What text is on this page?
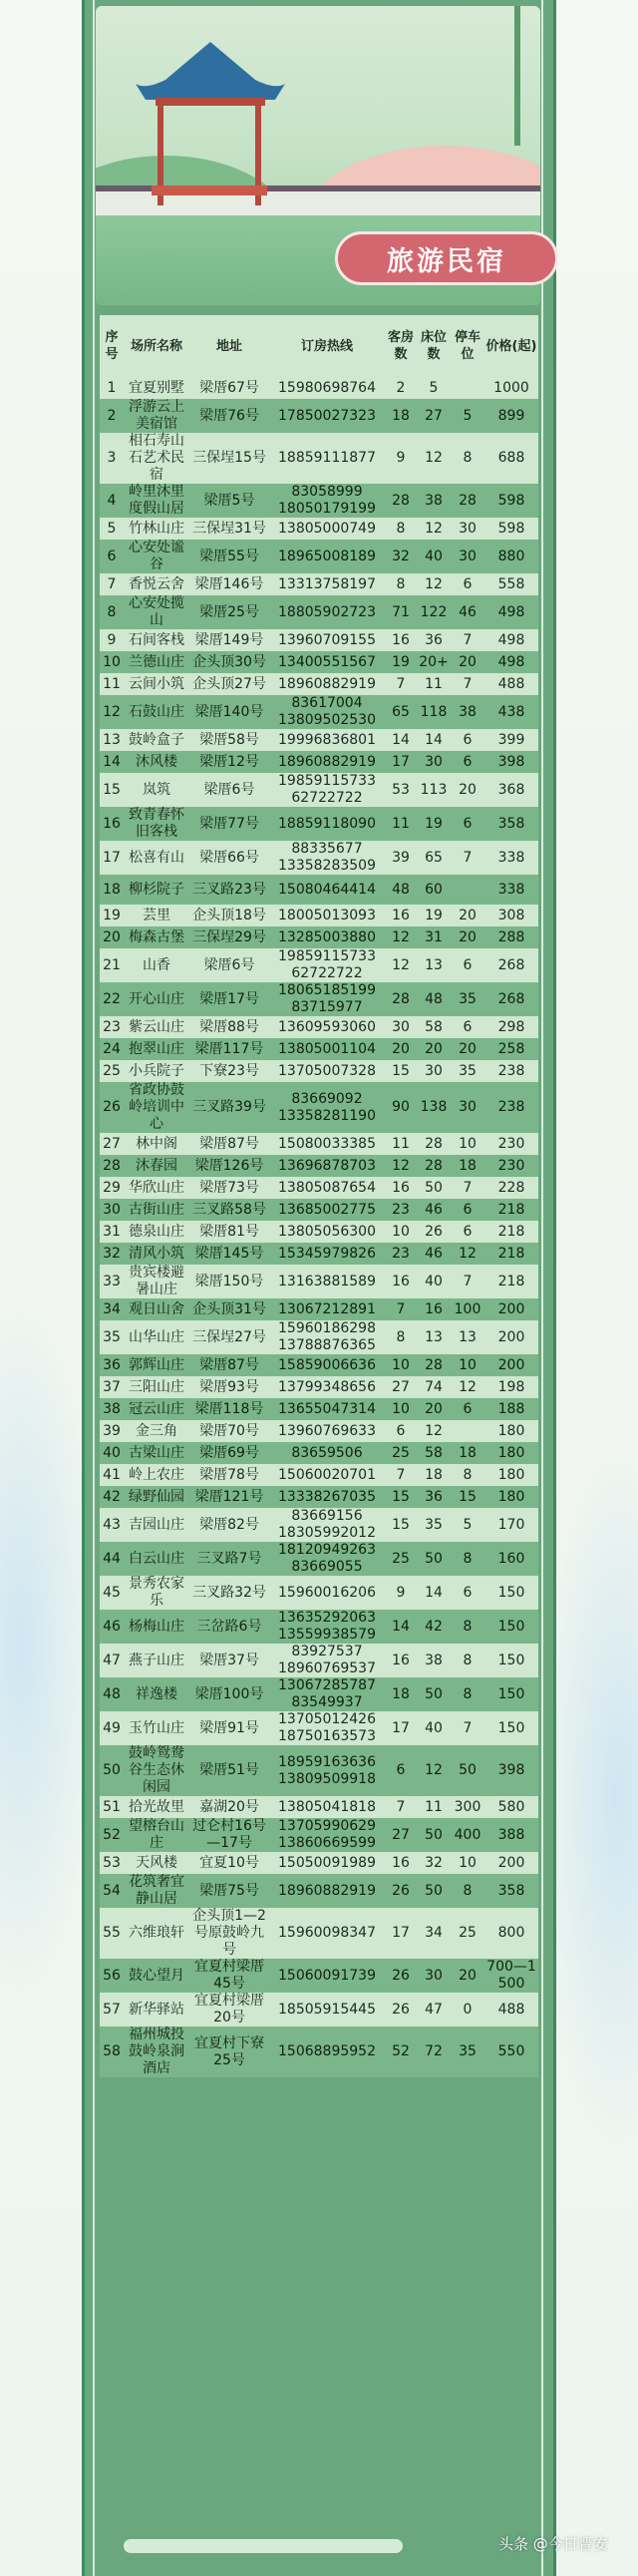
旅游民宿
序号	场所名称	地址	订房热线	客房数	床位数	停车位	价格(起)
1	宜夏别墅	梁厝67号	15980698764	2	5		1000
2	浮游云上美宿馆	梁厝76号	17850027323	18	27	5	899
3	相石寿山石艺术民宿	三保埕15号	18859111877	9	12	8	688
4	岭里沐里度假山居	梁厝5号	83058999
18050179199	28	38	28	598
5	竹林山庄	三保埕31号	13805000749	8	12	30	598
6	心安处谧谷	梁厝55号	18965008189	32	40	30	880
7	香悦云舍	梁厝146号	13313758197	8	12	6	558
8	心安处揽山	梁厝25号	18805902723	71	122	46	498
9	石间客栈	梁厝149号	13960709155	16	36	7	498
10	兰德山庄	企头顶30号	13400551567	19	20+	20	498
11	云间小筑	企头顶27号	18960882919	7	11	7	488
12	石鼓山庄	梁厝140号	83617004
13809502530	65	118	38	438
13	鼓岭盒子	梁厝58号	19996836801	14	14	6	399
14	沐风楼	梁厝12号	18960882919	17	30	6	398
15	岚筑	梁厝6号	19859115733
62722722	53	113	20	368
16	致青春怀旧客栈	梁厝77号	18859118090	11	19	6	358
17	松喜有山	梁厝66号	88335677
13358283509	39	65	7	338
18	柳杉院子	三叉路23号	15080464414	48	60		338
19	芸里	企头顶18号	18005013093	16	19	20	308
20	梅森古堡	三保埕29号	13285003880	12	31	20	288
21	山香	梁厝6号	19859115733
62722722	12	13	6	268
22	开心山庄	梁厝17号	18065185199
83715977	28	48	35	268
23	紫云山庄	梁厝88号	13609593060	30	58	6	298
24	抱翠山庄	梁厝117号	13805001104	20	20	20	258
25	小兵院子	下寮23号	13705007328	15	30	35	238
26	省政协鼓岭培训中心	三叉路39号	83669092
13358281190	90	138	30	238
27	林中阁	梁厝87号	15080033385	11	28	10	230
28	沐春园	梁厝126号	13696878703	12	28	18	230
29	华欣山庄	梁厝73号	13805087654	16	50	7	228
30	古街山庄	三叉路58号	13685002775	23	46	6	218
31	德泉山庄	梁厝81号	13805056300	10	26	6	218
32	清风小筑	梁厝145号	15345979826	23	46	12	218
33	贵宾楼避暑山庄	梁厝150号	13163881589	16	40	7	218
34	观日山舍	企头顶31号	13067212891	7	16	100	200
35	山华山庄	三保埕27号	15960186298
13788876365	8	13	13	200
36	郭辉山庄	梁厝87号	15859006636	10	28	10	200
37	三阳山庄	梁厝93号	13799348656	27	74	12	198
38	冠云山庄	梁厝118号	13655047314	10	20	6	188
39	金三角	梁厝70号	13960769633	6	12		180
40	古梁山庄	梁厝69号	83659506	25	58	18	180
41	岭上农庄	梁厝78号	15060020701	7	18	8	180
42	绿野仙园	梁厝121号	13338267035	15	36	15	180
43	吉园山庄	梁厝82号	83669156
18305992012	15	35	5	170
44	白云山庄	三叉路7号	18120949263
83669055	25	50	8	160
45	景秀农家乐	三叉路32号	15960016206	9	14	6	150
46	杨梅山庄	三岔路6号	13635292063
13559938579	14	42	8	150
47	燕子山庄	梁厝37号	83927537
18960769537	16	38	8	150
48	祥逸楼	梁厝100号	13067285787
83549937	18	50	8	150
49	玉竹山庄	梁厝91号	13705012426
18750163573	17	40	7	150
50	鼓岭鸳鸯谷生态休闲园	梁厝51号	18959163636
13809509918	6	12	50	398
51	拾光故里	嘉湖20号	13805041818	7	11	300	580
52	望榕台山庄	过仑村16号—17号	13705990629
13860669599	27	50	400	388
53	天风楼	宜夏10号	15050091989	16	32	10	200
54	花筑奢宜静山居	梁厝75号	18960882919	26	50	8	358
55	六维琅轩	企头顶1—2号原鼓岭九号	15960098347	17	34	25	800
56	鼓心望月	宜夏村梁厝45号	15060091739	26	30	20	700—1500
57	新华驿站	宜夏村梁厝20号	18505915445	26	47	0	488
58	福州城投鼓岭泉涧酒店	宜夏村下寮25号	15068895952	52	72	35	550
头条 @今日晋安
